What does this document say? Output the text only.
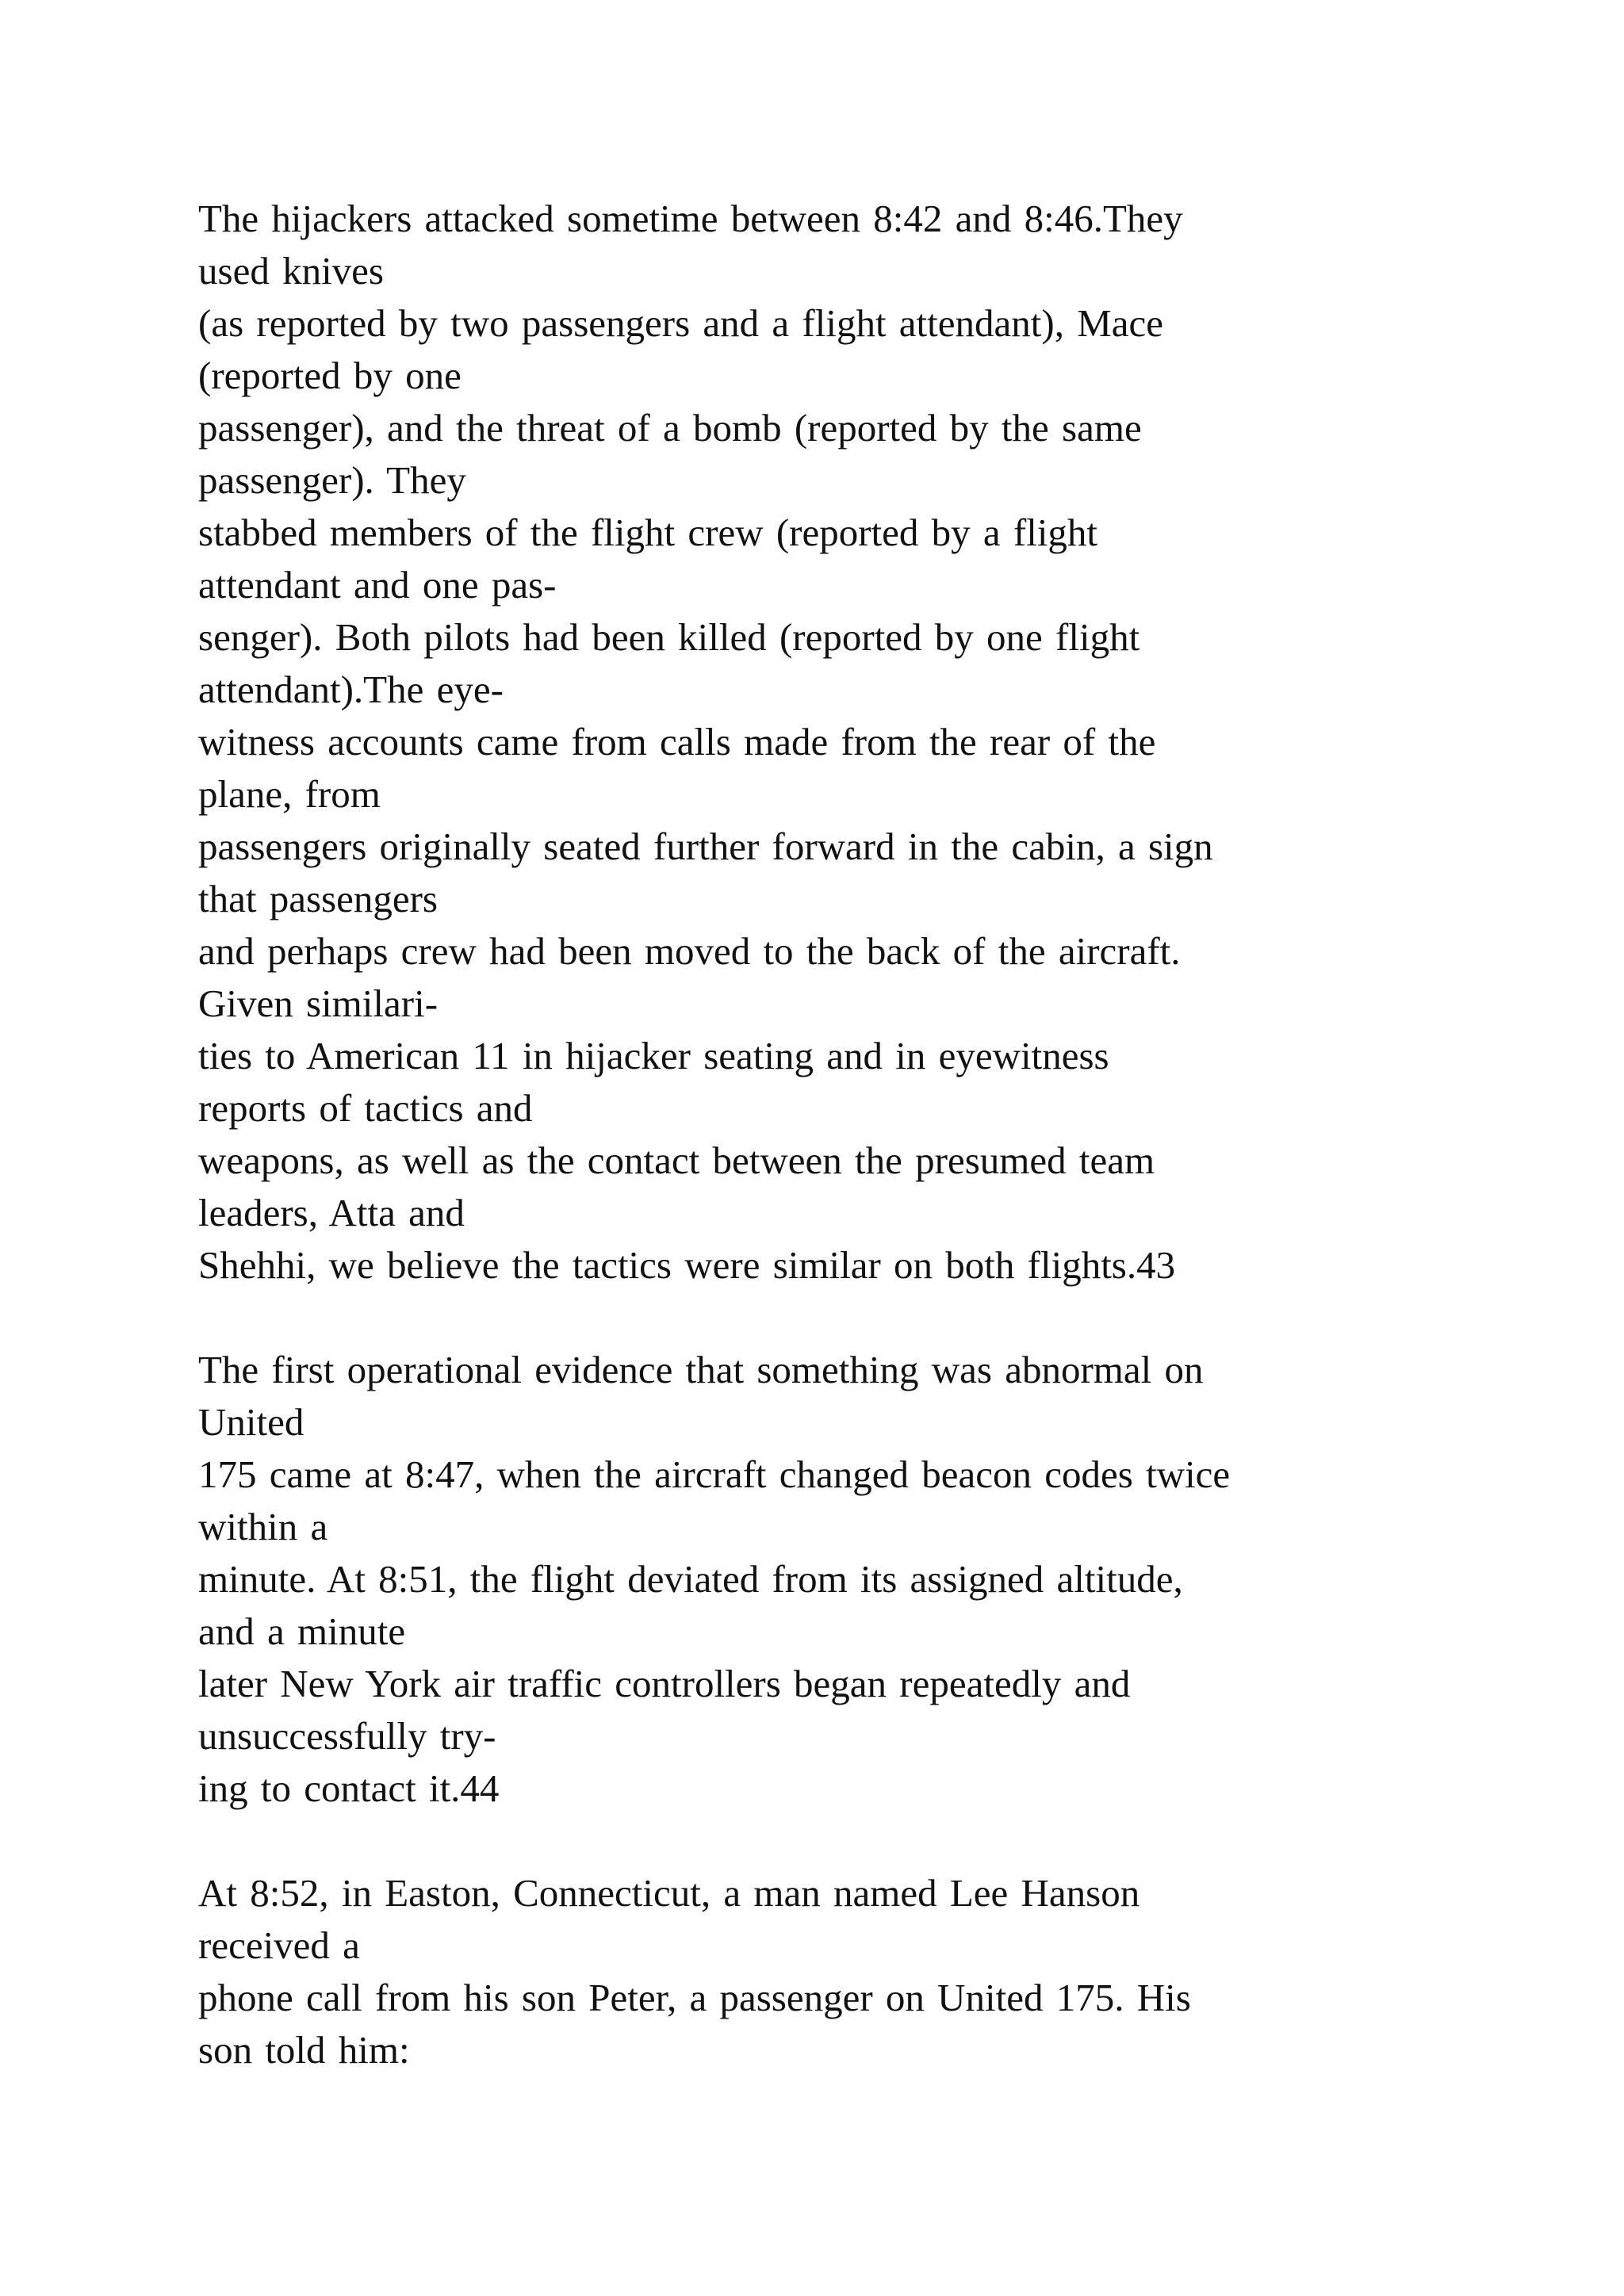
The hijackers attacked sometime between 8:42 and 8:46.They
used knives
(as reported by two passengers and a flight attendant), Mace
(reported by one
passenger), and the threat of a bomb (reported by the same
passenger). They
stabbed members of the flight crew (reported by a flight
attendant and one pas-
senger). Both pilots had been killed (reported by one flight
attendant).The eye-
witness accounts came from calls made from the rear of the
plane, from
passengers originally seated further forward in the cabin, a sign
that passengers
and perhaps crew had been moved to the back of the aircraft.
Given similari-
ties to American 11 in hijacker seating and in eyewitness
reports of tactics and
weapons, as well as the contact between the presumed team
leaders, Atta and
Shehhi, we believe the tactics were similar on both flights.43
The first operational evidence that something was abnormal on
United
175 came at 8:47, when the aircraft changed beacon codes twice
within a
minute. At 8:51, the flight deviated from its assigned altitude,
and a minute
later New York air traffic controllers began repeatedly and
unsuccessfully try-
ing to contact it.44
At 8:52, in Easton, Connecticut, a man named Lee Hanson
received a
phone call from his son Peter, a passenger on United 175. His
son told him:
